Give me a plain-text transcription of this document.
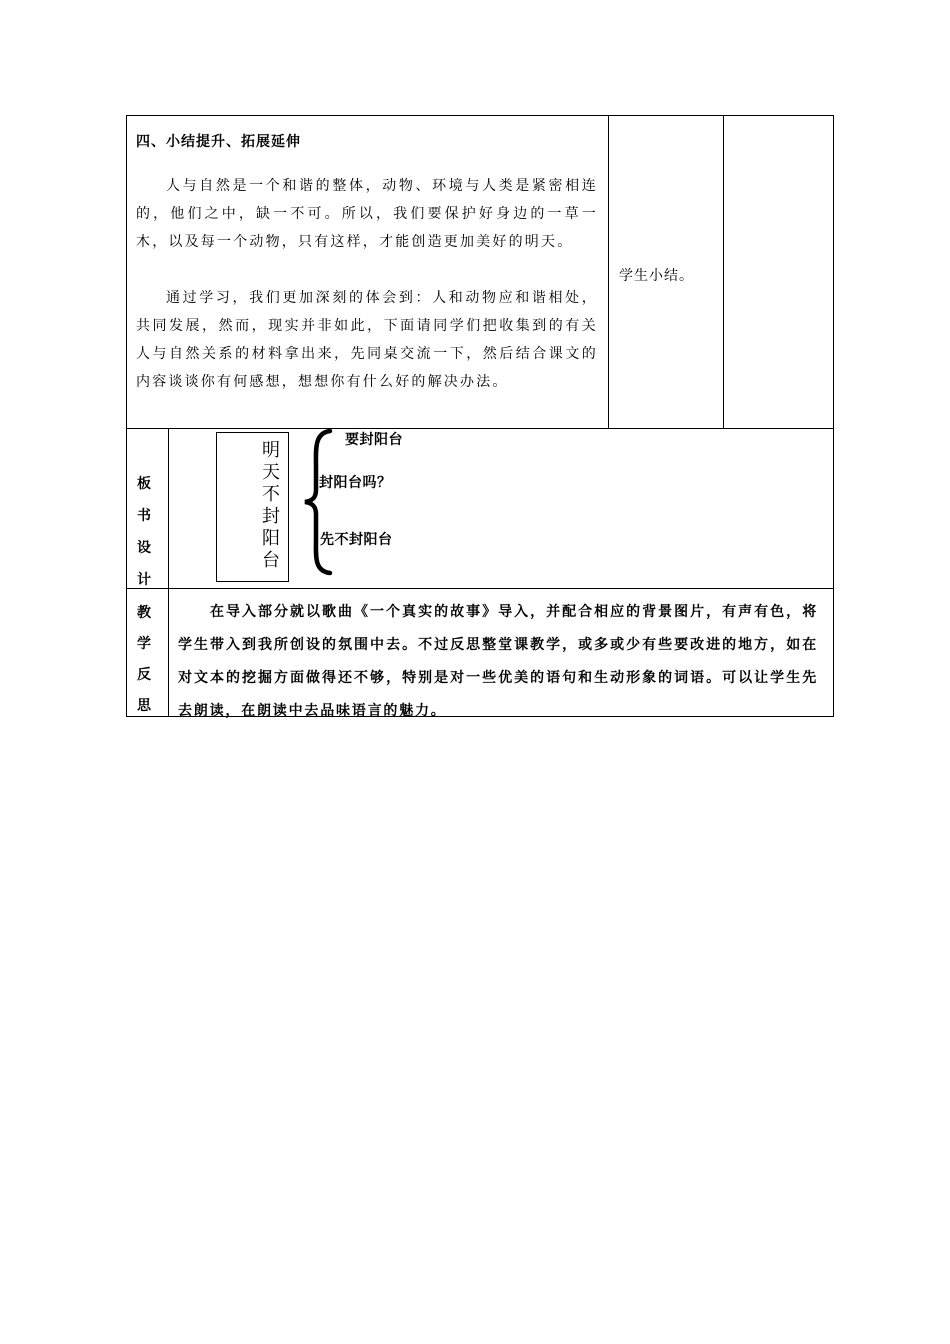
四、小结提升、拓展延伸
人与自然是一个和谐的整体，动物、环境与人类是紧密相连的，他们之中，缺一不可。所以，我们要保护好身边的一草一木，以及每一个动物，只有这样，才能创造更加美好的明天。
通过学习，我们更加深刻的体会到：人和动物应和谐相处，共同发展，然而，现实并非如此，下面请同学们把收集到的有关人与自然关系的材料拿出来，先同桌交流一下，然后结合课文的内容谈谈你有何感想，想想你有什么好的解决办法。
学生小结。
板
书
设
计
明
天
不
封
阳
台
要封阳台
封阳台吗？
先不封阳台
教
学
反
思
在导入部分就以歌曲《一个真实的故事》导入，并配合相应的背景图片，有声有色，将学生带入到我所创设的氛围中去。不过反思整堂课教学，或多或少有些要改进的地方，如在对文本的挖掘方面做得还不够，特别是对一些优美的语句和生动形象的词语。可以让学生先去朗读，在朗读中去品味语言的魅力。
